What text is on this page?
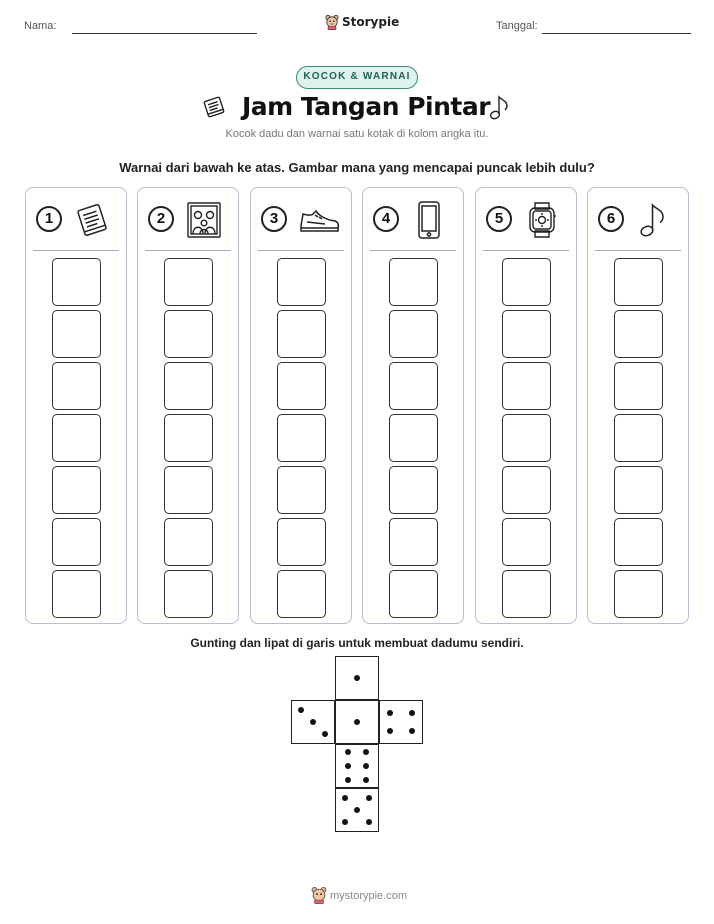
Nama:	Storypie	Tanggal:
KOCOK & WARNAI
Jam Tangan Pintar
Kocok dadu dan warnai satu kotak di kolom angka itu.
Warnai dari bawah ke atas. Gambar mana yang mencapai puncak lebih dulu?
1	2	3	4	5	6
Gunting dan lipat di garis untuk membuat dadumu sendiri.
mystorypie.com
